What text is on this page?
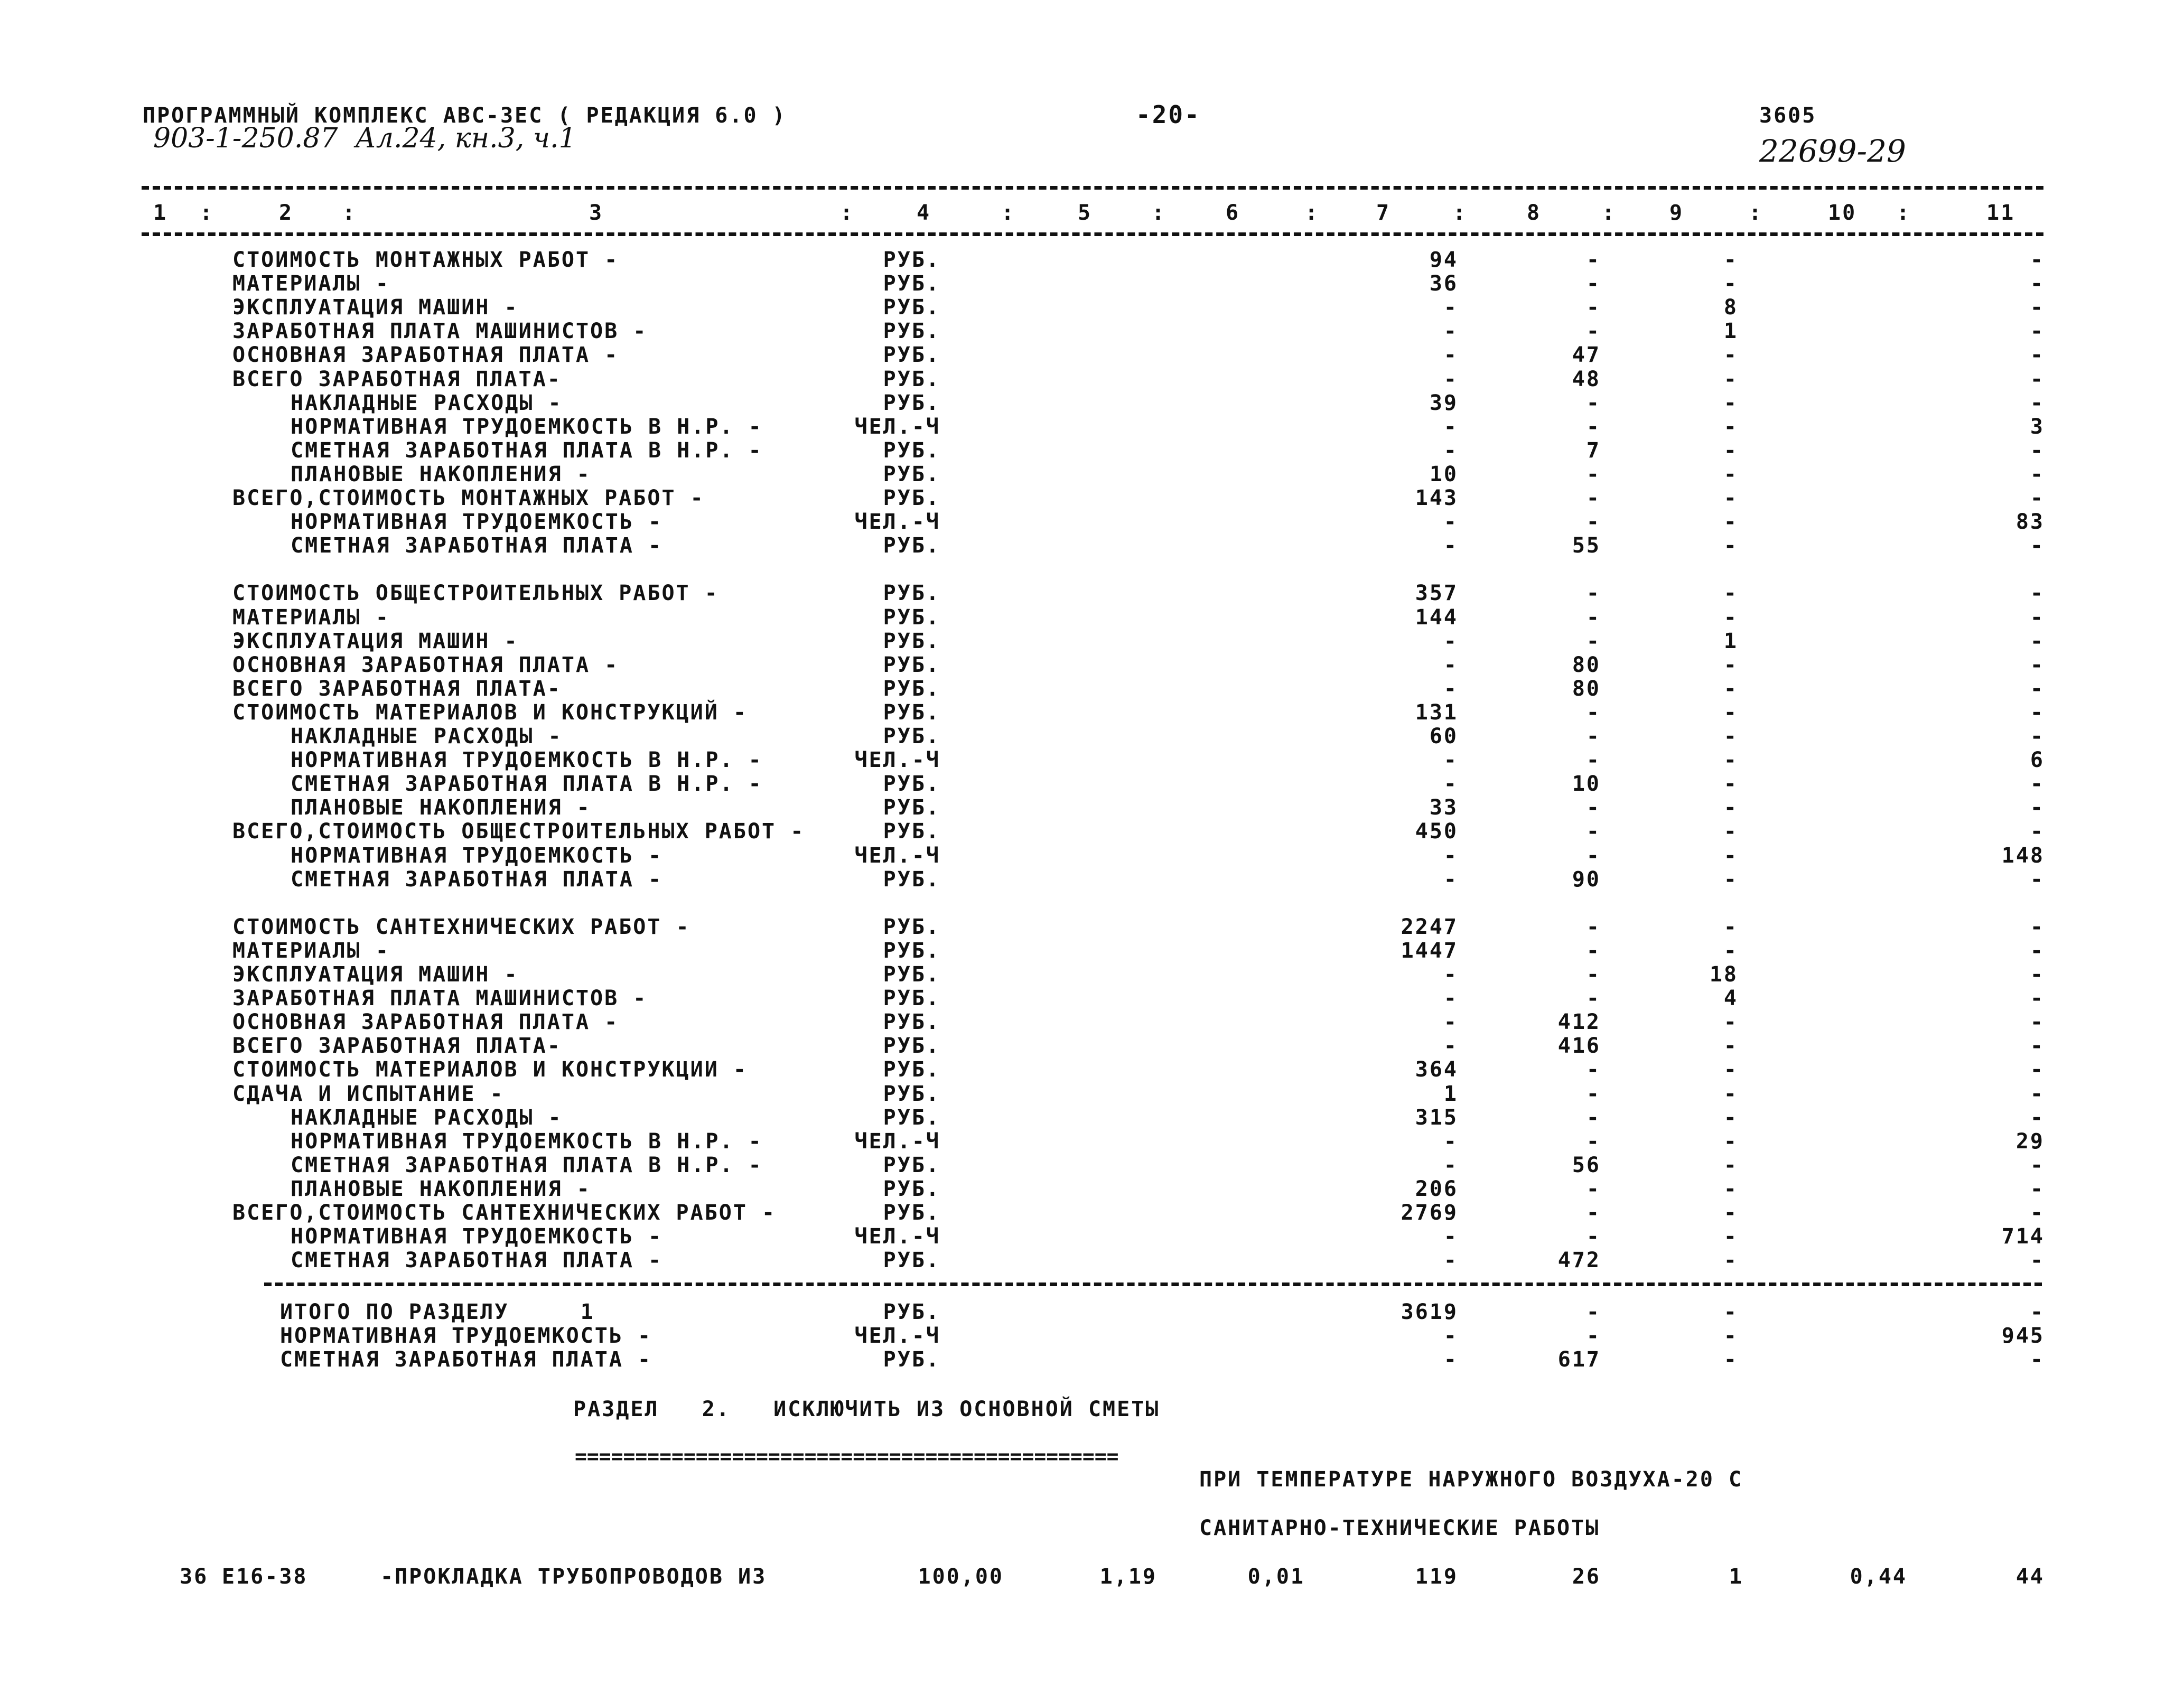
ПРОГРАММНЫЙ КОМПЛЕКС АВС-ЗЕС ( РЕДАКЦИЯ 6.0 )	-20-	3605
903-1-250.87  Ал.24, кн.3, ч.1	22699-29
1 :	2 :	3	:	4	:	5	:	6	:	7	:	8	:	9	:	10 :	11
СТОИМОСТЬ МОНТАЖНЫХ РАБОТ -	РУБ.	94	-	-	-
МАТЕРИАЛЫ -	РУБ.	36	-	-	-
ЭКСПЛУАТАЦИЯ МАШИН -	РУБ.	-	-	8	-
ЗАРАБОТНАЯ ПЛАТА МАШИНИСТОВ -	РУБ.	-	-	1	-
ОСНОВНАЯ ЗАРАБОТНАЯ ПЛАТА -	РУБ.	-	47	-	-
ВСЕГО ЗАРАБОТНАЯ ПЛАТА-	РУБ.	-	48	-	-
НАКЛАДНЫЕ РАСХОДЫ -	РУБ.	39	-	-	-
НОРМАТИВНАЯ ТРУДОЕМКОСТЬ В Н.Р. -	ЧЕЛ.-Ч	-	-	-	3
СМЕТНАЯ ЗАРАБОТНАЯ ПЛАТА В Н.Р. -	РУБ.	-	7	-	-
ПЛАНОВЫЕ НАКОПЛЕНИЯ -	РУБ.	10	-	-	-
ВСЕГО,СТОИМОСТЬ МОНТАЖНЫХ РАБОТ -	РУБ.	143	-	-	-
НОРМАТИВНАЯ ТРУДОЕМКОСТЬ -	ЧЕЛ.-Ч	-	-	-	83
СМЕТНАЯ ЗАРАБОТНАЯ ПЛАТА -	РУБ.	-	55	-	-
СТОИМОСТЬ ОБЩЕСТРОИТЕЛЬНЫХ РАБОТ -	РУБ.	357	-	-	-
МАТЕРИАЛЫ -	РУБ.	144	-	-	-
ЭКСПЛУАТАЦИЯ МАШИН -	РУБ.	-	-	1	-
ОСНОВНАЯ ЗАРАБОТНАЯ ПЛАТА -	РУБ.	-	80	-	-
ВСЕГО ЗАРАБОТНАЯ ПЛАТА-	РУБ.	-	80	-	-
СТОИМОСТЬ МАТЕРИАЛОВ И КОНСТРУКЦИЙ -	РУБ.	131	-	-	-
НАКЛАДНЫЕ РАСХОДЫ -	РУБ.	60	-	-	-
НОРМАТИВНАЯ ТРУДОЕМКОСТЬ В Н.Р. -	ЧЕЛ.-Ч	-	-	-	6
СМЕТНАЯ ЗАРАБОТНАЯ ПЛАТА В Н.Р. -	РУБ.	-	10	-	-
ПЛАНОВЫЕ НАКОПЛЕНИЯ -	РУБ.	33	-	-	-
ВСЕГО,СТОИМОСТЬ ОБЩЕСТРОИТЕЛЬНЫХ РАБОТ -	РУБ.	450	-	-	-
НОРМАТИВНАЯ ТРУДОЕМКОСТЬ -	ЧЕЛ.-Ч	-	-	-	148
СМЕТНАЯ ЗАРАБОТНАЯ ПЛАТА -	РУБ.	-	90	-	-
СТОИМОСТЬ САНТЕХНИЧЕСКИХ РАБОТ -	РУБ.	2247	-	-	-
МАТЕРИАЛЫ -	РУБ.	1447	-	-	-
ЭКСПЛУАТАЦИЯ МАШИН -	РУБ.	-	-	18	-
ЗАРАБОТНАЯ ПЛАТА МАШИНИСТОВ -	РУБ.	-	-	4	-
ОСНОВНАЯ ЗАРАБОТНАЯ ПЛАТА -	РУБ.	-	412	-	-
ВСЕГО ЗАРАБОТНАЯ ПЛАТА-	РУБ.	-	416	-	-
СТОИМОСТЬ МАТЕРИАЛОВ И КОНСТРУКЦИИ -	РУБ.	364	-	-	-
СДАЧА И ИСПЫТАНИЕ -	РУБ.	1	-	-	-
НАКЛАДНЫЕ РАСХОДЫ -	РУБ.	315	-	-	-
НОРМАТИВНАЯ ТРУДОЕМКОСТЬ В Н.Р. -	ЧЕЛ.-Ч	-	-	-	29
СМЕТНАЯ ЗАРАБОТНАЯ ПЛАТА В Н.Р. -	РУБ.	-	56	-	-
ПЛАНОВЫЕ НАКОПЛЕНИЯ -	РУБ.	206	-	-	-
ВСЕГО,СТОИМОСТЬ САНТЕХНИЧЕСКИХ РАБОТ -	РУБ.	2769	-	-	-
НОРМАТИВНАЯ ТРУДОЕМКОСТЬ -	ЧЕЛ.-Ч	-	-	-	714
СМЕТНАЯ ЗАРАБОТНАЯ ПЛАТА -	РУБ.	-	472	-	-
ИТОГО ПО РАЗДЕЛУ     1	РУБ.	3619	-	-	-
НОРМАТИВНАЯ ТРУДОЕМКОСТЬ -	ЧЕЛ.-Ч	-	-	-	945
СМЕТНАЯ ЗАРАБОТНАЯ ПЛАТА -	РУБ.	-	617	-	-
РАЗДЕЛ   2.   ИСКЛЮЧИТЬ ИЗ ОСНОВНОЙ СМЕТЫ
=============================================
ПРИ ТЕМПЕРАТУРЕ НАРУЖНОГО ВОЗДУХА-20 С
САНИТАРНО-ТЕХНИЧЕСКИЕ РАБОТЫ
36 Е16-38	-ПРОКЛАДКА ТРУБОПРОВОДОВ ИЗ	100,00	1,19	0,01	119	26	1	0,44	44
